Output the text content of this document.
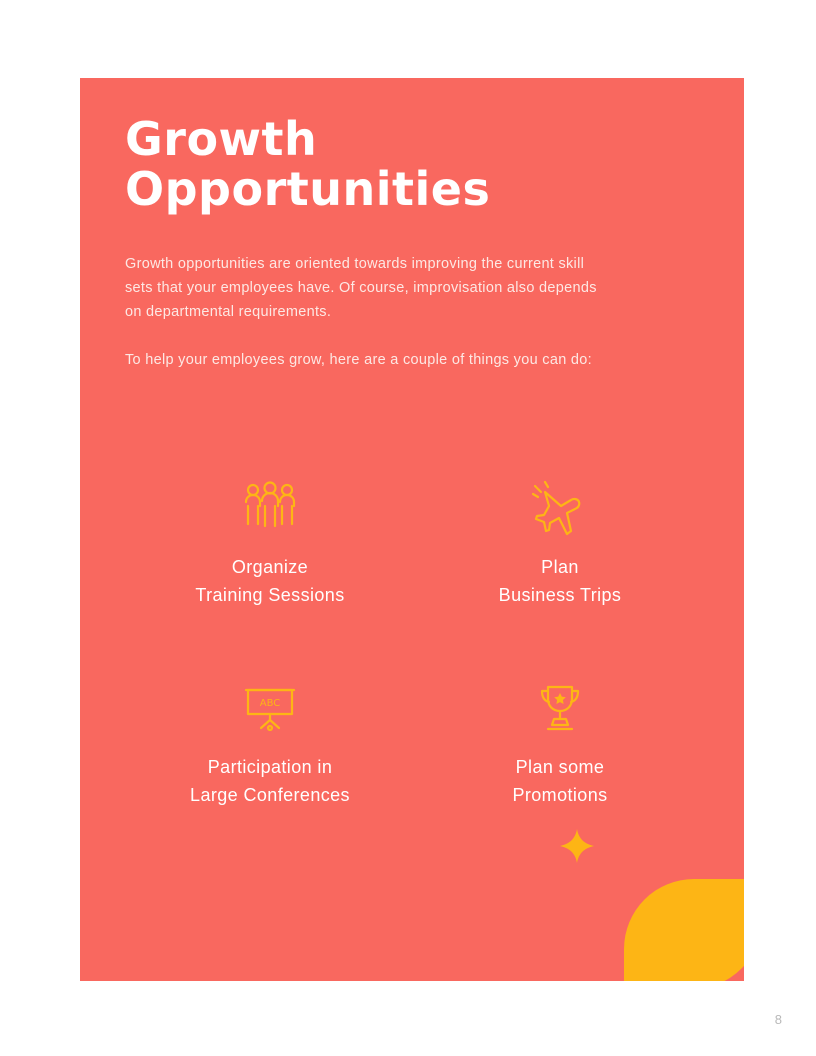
Growth
Opportunities
Growth opportunities are oriented towards improving the current skill sets that your employees have. Of course, improvisation also depends on departmental requirements.
To help your employees grow, here are a couple of things you can do:
Organize
Training Sessions
Plan
Business Trips
ABC
Participation in
Large Conferences
Plan some
Promotions
8
